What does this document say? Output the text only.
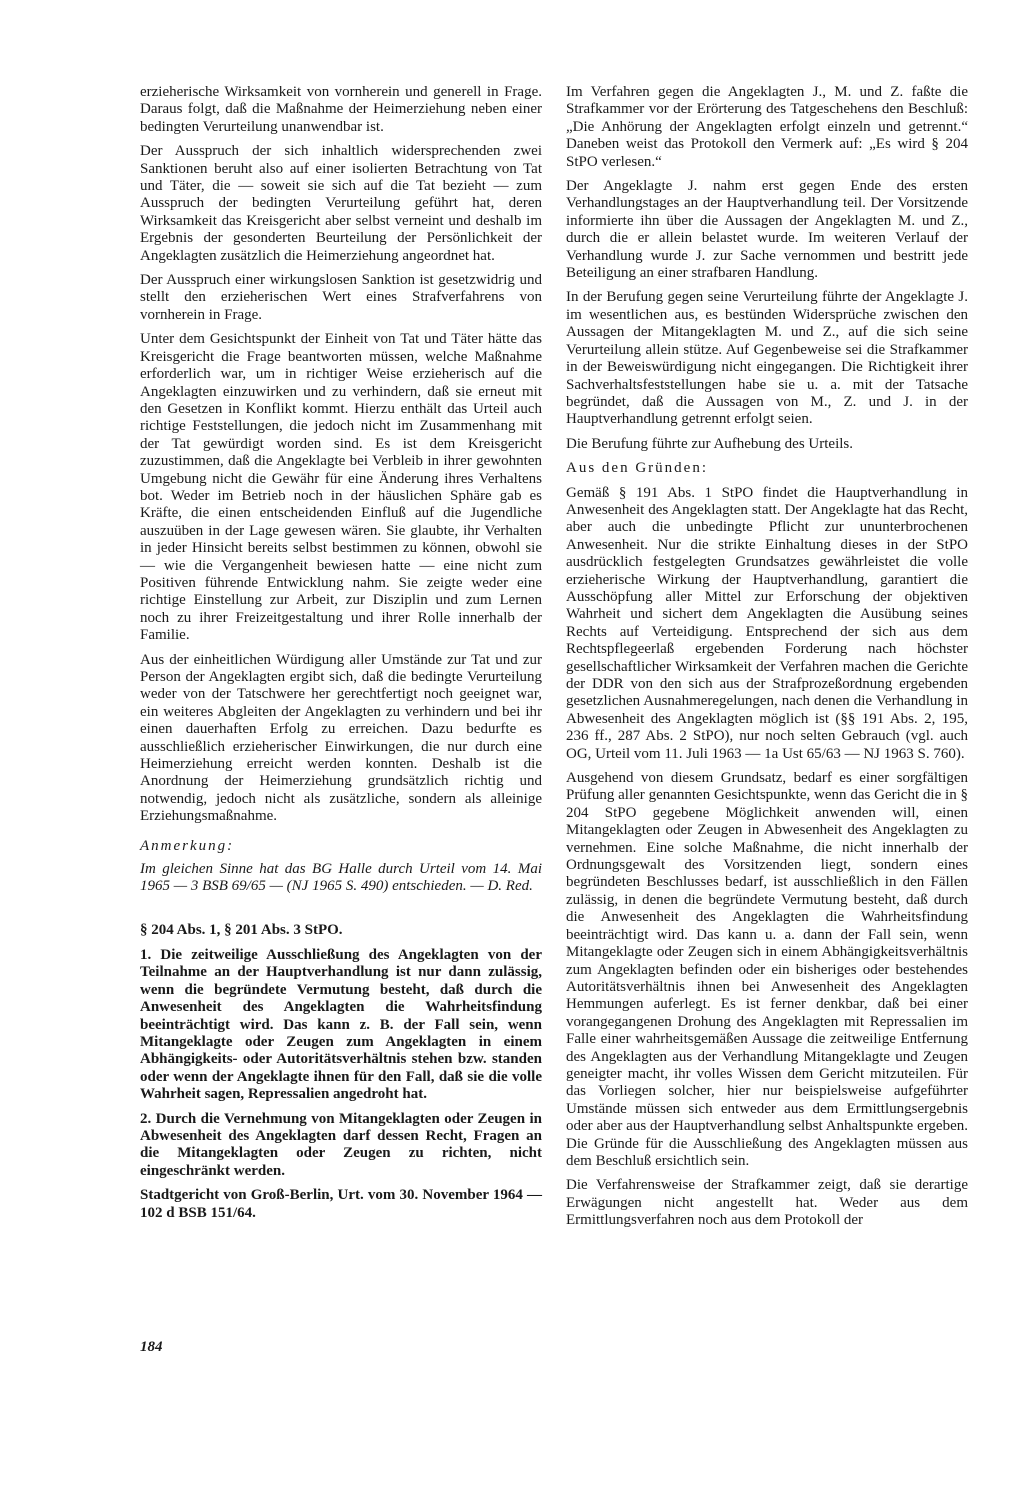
erzieherische Wirksamkeit von vornherein und generell in Frage. Daraus folgt, daß die Maßnahme der Heimerziehung neben einer bedingten Verurteilung unanwendbar ist.

Der Ausspruch der sich inhaltlich widersprechenden zwei Sanktionen beruht also auf einer isolierten Betrachtung von Tat und Täter, die — soweit sie sich auf die Tat bezieht — zum Ausspruch der bedingten Verurteilung geführt hat, deren Wirksamkeit das Kreisgericht aber selbst verneint und deshalb im Ergebnis der gesonderten Beurteilung der Persönlichkeit der Angeklagten zusätzlich die Heimerziehung angeordnet hat.

Der Ausspruch einer wirkungslosen Sanktion ist gesetzwidrig und stellt den erzieherischen Wert eines Strafverfahrens von vornherein in Frage.

Unter dem Gesichtspunkt der Einheit von Tat und Täter hätte das Kreisgericht die Frage beantworten müssen, welche Maßnahme erforderlich war, um in richtiger Weise erzieherisch auf die Angeklagten einzuwirken und zu verhindern, daß sie erneut mit den Gesetzen in Konflikt kommt. Hierzu enthält das Urteil auch richtige Feststellungen, die jedoch nicht im Zusammenhang mit der Tat gewürdigt worden sind. Es ist dem Kreisgericht zuzustimmen, daß die Angeklagte bei Verbleib in ihrer gewohnten Umgebung nicht die Gewähr für eine Änderung ihres Verhaltens bot. Weder im Betrieb noch in der häuslichen Sphäre gab es Kräfte, die einen entscheidenden Einfluß auf die Jugendliche auszuüben in der Lage gewesen wären. Sie glaubte, ihr Verhalten in jeder Hinsicht bereits selbst bestimmen zu können, obwohl sie — wie die Vergangenheit bewiesen hatte — eine nicht zum Positiven führende Entwicklung nahm. Sie zeigte weder eine richtige Einstellung zur Arbeit, zur Disziplin und zum Lernen noch zu ihrer Freizeitgestaltung und ihrer Rolle innerhalb der Familie.

Aus der einheitlichen Würdigung aller Umstände zur Tat und zur Person der Angeklagten ergibt sich, daß die bedingte Verurteilung weder von der Tatschwere her gerechtfertigt noch geeignet war, ein weiteres Abgleiten der Angeklagten zu verhindern und bei ihr einen dauerhaften Erfolg zu erreichen. Dazu bedurfte es ausschließlich erzieherischer Einwirkungen, die nur durch eine Heimerziehung erreicht werden konnten. Deshalb ist die Anordnung der Heimerziehung grundsätzlich richtig und notwendig, jedoch nicht als zusätzliche, sondern als alleinige Erziehungsmaßnahme.

Anmerkung:

Im gleichen Sinne hat das BG Halle durch Urteil vom 14. Mai 1965 — 3 BSB 69/65 — (NJ 1965 S. 490) entschieden. — D. Red.

§ 204 Abs. 1, § 201 Abs. 3 StPO.

1. Die zeitweilige Ausschließung des Angeklagten von der Teilnahme an der Hauptverhandlung ist nur dann zulässig, wenn die begründete Vermutung besteht, daß durch die Anwesenheit des Angeklagten die Wahrheitsfindung beeinträchtigt wird. Das kann z. B. der Fall sein, wenn Mitangeklagte oder Zeugen zum Angeklagten in einem Abhängigkeits- oder Autoritätsverhältnis stehen bzw. standen oder wenn der Angeklagte ihnen für den Fall, daß sie die volle Wahrheit sagen, Repressalien angedroht hat.

2. Durch die Vernehmung von Mitangeklagten oder Zeugen in Abwesenheit des Angeklagten darf dessen Recht, Fragen an die Mitangeklagten oder Zeugen zu richten, nicht eingeschränkt werden.

Stadtgericht von Groß-Berlin, Urt. vom 30. November 1964 — 102 d BSB 151/64.

Im Verfahren gegen die Angeklagten J., M. und Z. faßte die Strafkammer vor der Erörterung des Tatgeschehens den Beschluß: „Die Anhörung der Angeklagten erfolgt einzeln und getrennt.“ Daneben weist das Protokoll den Vermerk auf: „Es wird § 204 StPO verlesen.“

Der Angeklagte J. nahm erst gegen Ende des ersten Verhandlungstages an der Hauptverhandlung teil. Der Vorsitzende informierte ihn über die Aussagen der Angeklagten M. und Z., durch die er allein belastet wurde. Im weiteren Verlauf der Verhandlung wurde J. zur Sache vernommen und bestritt jede Beteiligung an einer strafbaren Handlung.

In der Berufung gegen seine Verurteilung führte der Angeklagte J. im wesentlichen aus, es bestünden Widersprüche zwischen den Aussagen der Mitangeklagten M. und Z., auf die sich seine Verurteilung allein stütze. Auf Gegenbeweise sei die Strafkammer in der Beweiswürdigung nicht eingegangen. Die Richtigkeit ihrer Sachverhaltsfeststellungen habe sie u. a. mit der Tatsache begründet, daß die Aussagen von M., Z. und J. in der Hauptverhandlung getrennt erfolgt seien.

Die Berufung führte zur Aufhebung des Urteils.

Aus den Gründen:

Gemäß § 191 Abs. 1 StPO findet die Hauptverhandlung in Anwesenheit des Angeklagten statt. Der Angeklagte hat das Recht, aber auch die unbedingte Pflicht zur ununterbrochenen Anwesenheit. Nur die strikte Einhaltung dieses in der StPO ausdrücklich festgelegten Grundsatzes gewährleistet die volle erzieherische Wirkung der Hauptverhandlung, garantiert die Ausschöpfung aller Mittel zur Erforschung der objektiven Wahrheit und sichert dem Angeklagten die Ausübung seines Rechts auf Verteidigung. Entsprechend der sich aus dem Rechtspflegeerlaß ergebenden Forderung nach höchster gesellschaftlicher Wirksamkeit der Verfahren machen die Gerichte der DDR von den sich aus der Strafprozeßordnung ergebenden gesetzlichen Ausnahmeregelungen, nach denen die Verhandlung in Abwesenheit des Angeklagten möglich ist (§§ 191 Abs. 2, 195, 236 ff., 287 Abs. 2 StPO), nur noch selten Gebrauch (vgl. auch OG, Urteil vom 11. Juli 1963 — 1a Ust 65/63 — NJ 1963 S. 760).

Ausgehend von diesem Grundsatz, bedarf es einer sorgfältigen Prüfung aller genannten Gesichtspunkte, wenn das Gericht die in § 204 StPO gegebene Möglichkeit anwenden will, einen Mitangeklagten oder Zeugen in Abwesenheit des Angeklagten zu vernehmen. Eine solche Maßnahme, die nicht innerhalb der Ordnungsgewalt des Vorsitzenden liegt, sondern eines begründeten Beschlusses bedarf, ist ausschließlich in den Fällen zulässig, in denen die begründete Vermutung besteht, daß durch die Anwesenheit des Angeklagten die Wahrheitsfindung beeinträchtigt wird. Das kann u. a. dann der Fall sein, wenn Mitangeklagte oder Zeugen sich in einem Abhängigkeitsverhältnis zum Angeklagten befinden oder ein bisheriges oder bestehendes Autoritätsverhältnis ihnen bei Anwesenheit des Angeklagten Hemmungen auferlegt. Es ist ferner denkbar, daß bei einer vorangegangenen Drohung des Angeklagten mit Repressalien im Falle einer wahrheitsgemäßen Aussage die zeitweilige Entfernung des Angeklagten aus der Verhandlung Mitangeklagte und Zeugen geneigter macht, ihr volles Wissen dem Gericht mitzuteilen. Für das Vorliegen solcher, hier nur beispielsweise aufgeführter Umstände müssen sich entweder aus dem Ermittlungsergebnis oder aber aus der Hauptverhandlung selbst Anhaltspunkte ergeben. Die Gründe für die Ausschließung des Angeklagten müssen aus dem Beschluß ersichtlich sein.

Die Verfahrensweise der Strafkammer zeigt, daß sie derartige Erwägungen nicht angestellt hat. Weder aus dem Ermittlungsverfahren noch aus dem Protokoll der

184
